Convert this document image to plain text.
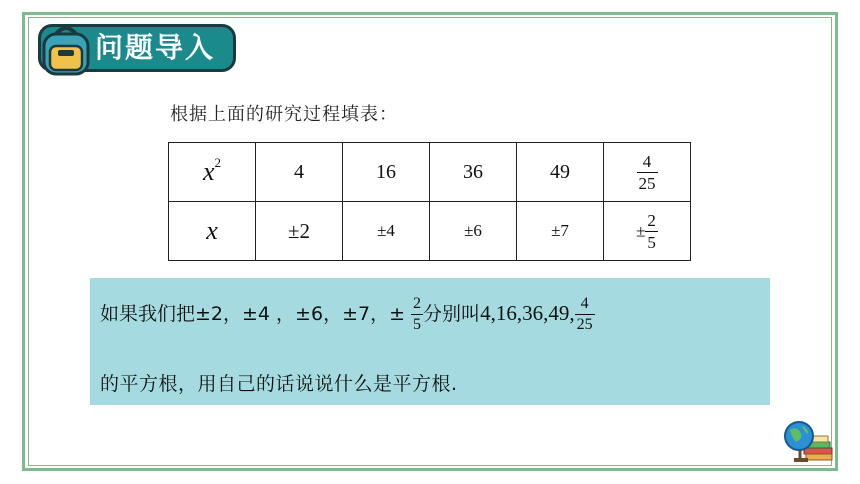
问题导入
根据上面的研究过程填表：
$x^2$	4	16	36	49	$\frac{4}{25}$

x	±2	±4	±6	±7	± $\frac{2}{5}$
如果我们把±2，±4 ，±6，±7，± $\frac{2}{5}$ 分别叫4,16,36,49, $\frac{4}{25}$
的平方根，用自己的话说说什么是平方根.
